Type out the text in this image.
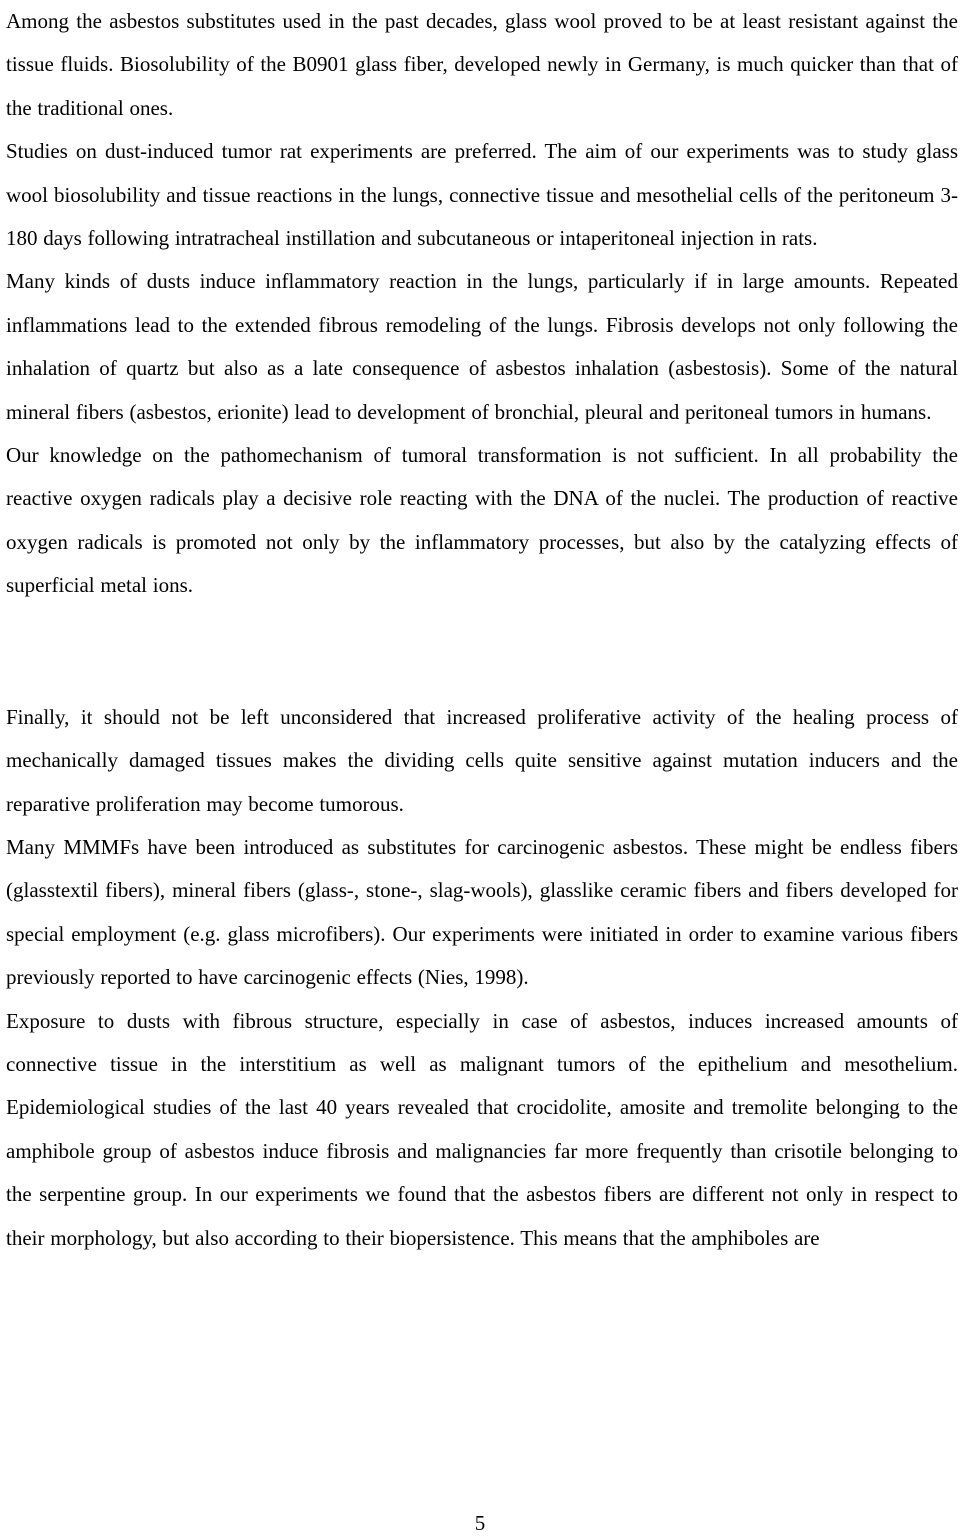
Among the asbestos substitutes used in the past decades, glass wool proved to be at least resistant against the tissue fluids. Biosolubility of the B0901 glass fiber, developed newly in Germany, is much quicker than that of the traditional ones.

Studies on dust-induced tumor rat experiments are preferred. The aim of our experiments was to study glass wool biosolubility and tissue reactions in the lungs, connective tissue and mesothelial cells of the peritoneum 3-180 days following intratracheal instillation and subcutaneous or intaperitoneal injection in rats.

Many kinds of dusts induce inflammatory reaction in the lungs, particularly if in large amounts. Repeated inflammations lead to the extended fibrous remodeling of the lungs. Fibrosis develops not only following the inhalation of quartz but also as a late consequence of asbestos inhalation (asbestosis). Some of the natural mineral fibers (asbestos, erionite) lead to development of bronchial, pleural and peritoneal tumors in humans.

Our knowledge on the pathomechanism of tumoral transformation is not sufficient. In all probability the reactive oxygen radicals play a decisive role reacting with the DNA of the nuclei. The production of reactive oxygen radicals is promoted not only by the inflammatory processes, but also by the catalyzing effects of superficial metal ions.

Finally, it should not be left unconsidered that increased proliferative activity of the healing process of mechanically damaged tissues makes the dividing cells quite sensitive against mutation inducers and the reparative proliferation may become tumorous.

Many MMMFs have been introduced as substitutes for carcinogenic asbestos. These might be endless fibers (glasstextil fibers), mineral fibers (glass-, stone-, slag-wools), glasslike ceramic fibers and fibers developed for special employment (e.g. glass microfibers). Our experiments were initiated in order to examine various fibers previously reported to have carcinogenic effects (Nies, 1998).

Exposure to dusts with fibrous structure, especially in case of asbestos, induces increased amounts of connective tissue in the interstitium as well as malignant tumors of the epithelium and mesothelium. Epidemiological studies of the last 40 years revealed that crocidolite, amosite and tremolite belonging to the amphibole group of asbestos induce fibrosis and malignancies far more frequently than crisotile belonging to the serpentine group. In our experiments we found that the asbestos fibers are different not only in respect to their morphology, but also according to their biopersistence. This means that the amphiboles are

5
